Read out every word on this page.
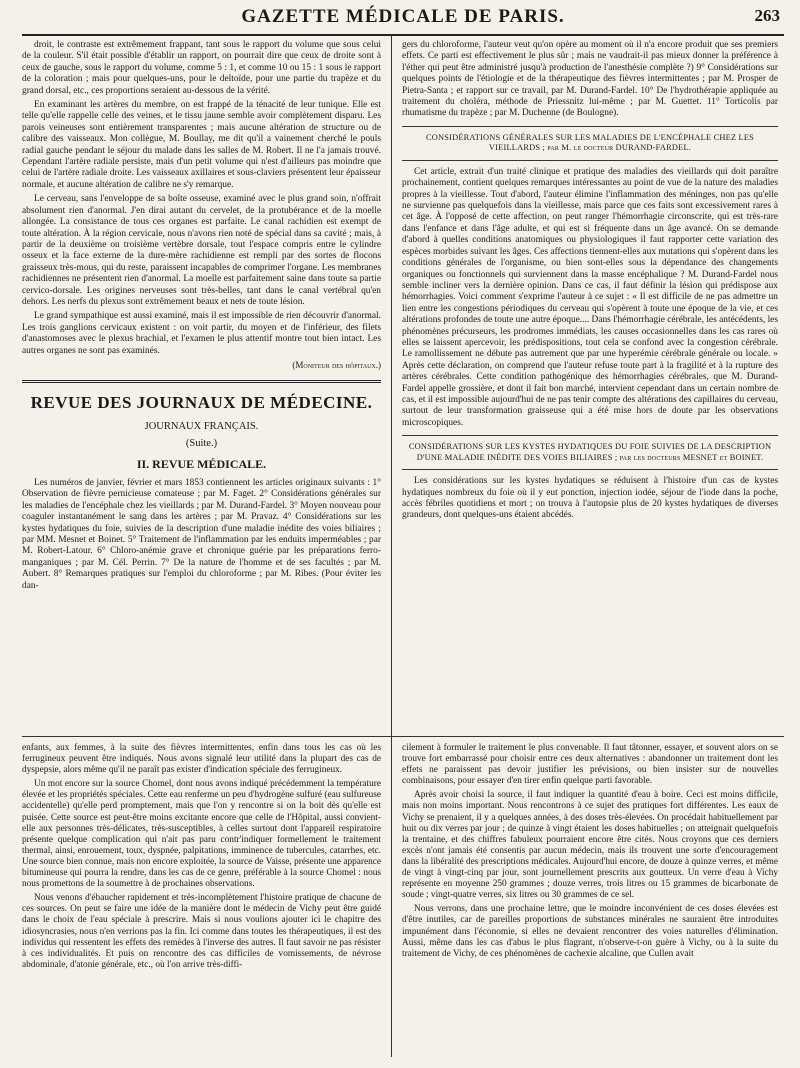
GAZETTE MÉDICALE DE PARIS.	263

droit, le contraste est extrêmement frappant, tant sous le rapport du volume que sous celui de la couleur. S'il était possible d'établir un rapport, on pourrait dire que ceux de droite sont à ceux de gauche, sous le rapport du volume, comme 5 : 1, et comme 10 ou 15 : 1 sous le rapport de la coloration ; mais pour quelques-uns, pour le deltoïde, pour une partie du trapèze et du grand dorsal, etc., ces proportions seraient au-dessous de la vérité.

En examinant les artères du membre, on est frappé de la ténacité de leur tunique. Elle est telle qu'elle rappelle celle des veines, et le tissu jaune semble avoir complètement disparu. Les parois veineuses sont entièrement transparentes ; mais aucune altération de structure ou de calibre des vaisseaux. Mon collègue, M. Boullay, me dit qu'il a vainement cherché le pouls radial gauche pendant le séjour du malade dans les salles de M. Robert. Il ne l'a jamais trouvé. Cependant l'artère radiale persiste, mais d'un petit volume qui n'est d'ailleurs pas moindre que celui de l'artère radiale droite. Les vaisseaux axillaires et sous-claviers présentent leur épaisseur normale, et aucune altération de calibre ne s'y remarque.

Le cerveau, sans l'enveloppe de sa boîte osseuse, examiné avec le plus grand soin, n'offrait absolument rien d'anormal. J'en dirai autant du cervelet, de la protubérance et de la moelle allongée. La consistance de tous ces organes est parfaite. Le canal rachidien est exempt de toute altération. À la région cervicale, nous n'avons rien noté de spécial dans sa cavité ; mais, à partir de la deuxième ou troisième vertèbre dorsale, tout l'espace compris entre le cylindre osseux et la face externe de la dure-mère rachidienne est rempli par des sortes de flocons graisseux très-mous, qui du reste, paraissent incapables de comprimer l'organe. Les membranes rachidiennes ne présentent rien d'anormal. La moelle est parfaitement saine dans toute sa partie cervico-dorsale. Les origines nerveuses sont très-belles, tant dans le canal vertébral qu'en dehors. Les nerfs du plexus sont extrêmement beaux et nets de toute lésion.

Le grand sympathique est aussi examiné, mais il est impossible de rien découvrir d'anormal. Les trois ganglions cervicaux existent : on voit partir, du moyen et de l'inférieur, des filets d'anastomoses avec le plexus brachial, et l'examen le plus attentif montre tout bien intact. Les autres organes ne sont pas examinés.

(Moniteur des hôpitaux.)
REVUE DES JOURNAUX DE MÉDECINE.
JOURNAUX FRANÇAIS.
(Suite.)
II. REVUE MÉDICALE.

Les numéros de janvier, février et mars 1853 contiennent les articles originaux suivants : 1° Observation de fièvre pernicieuse comateuse ; par M. Faget. 2° Considérations générales sur les maladies de l'encéphale chez les vieillards ; par M. Durand-Fardel. 3° Moyen nouveau pour coaguler instantanément le sang dans les artères ; par M. Pravaz. 4° Considérations sur les kystes hydatiques du foie, suivies de la description d'une maladie inédite des voies biliaires ; par MM. Mesnet et Boinet. 5° Traitement de l'inflammation par les enduits imperméables ; par M. Robert-Latour. 6° Chloro-anémie grave et chronique guérie par les préparations ferro-manganiques ; par M. Cél. Perrin. 7° De la nature de l'homme et de ses facultés ; par M. Aubert. 8° Remarques pratiques sur l'emploi du chloroforme ; par M. Ribes. (Pour éviter les dan-

gers du chloroforme, l'auteur veut qu'on opère au moment où il n'a encore produit que ses premiers effets. Ce parti est effectivement le plus sûr ; mais ne vaudrait-il pas mieux donner la préférence à l'éther qui peut être administré jusqu'à production de l'anesthésie complète ?) 9° Considérations sur quelques points de l'étiologie et de la thérapeutique des fièvres intermittentes ; par M. Prosper de Pietra-Santa ; et rapport sur ce travail, par M. Durand-Fardel. 10° De l'hydrothérapie appliquée au traitement du choléra, méthode de Priessnitz lui-même ; par M. Guettet. 11° Torticolis par rhumatisme du trapèze ; par M. Duchenne (de Boulogne).

CONSIDÉRATIONS GÉNÉRALES SUR LES MALADIES DE L'ENCÉPHALE CHEZ LES VIEILLARDS ; par M. le docteur DURAND-FARDEL.

Cet article, extrait d'un traité clinique et pratique des maladies des vieillards qui doit paraître prochainement, contient quelques remarques intéressantes au point de vue de la nature des maladies propres à la vieillesse. Tout d'abord, l'auteur élimine l'inflammation des méninges, non pas qu'elle ne survienne pas quelquefois dans la vieillesse, mais parce que ces faits sont excessivement rares à cet âge. À l'opposé de cette affection, on peut ranger l'hémorrhagie circonscrite, qui est très-rare dans l'enfance et dans l'âge adulte, et qui est si fréquente dans un âge avancé. On se demande d'abord à quelles conditions anatomiques ou physiologiques il faut rapporter cette variation des espèces morbides suivant les âges. Ces affections tiennent-elles aux mutations qui s'opèrent dans les conditions générales de l'organisme, ou bien sont-elles sous la dépendance des changements organiques ou fonctionnels qui surviennent dans la masse encéphalique ? M. Durand-Fardel nous semble incliner vers la dernière opinion. Dans ce cas, il faut définir la lésion qui prédispose aux hémorrhagies. Voici comment s'exprime l'auteur à ce sujet : « Il est difficile de ne pas admettre un lien entre les congestions périodiques du cerveau qui s'opèrent à toute une époque de la vie, et ces altérations profondes de toute une autre époque.... Dans l'hémorrhagie cérébrale, les antécédents, les phénomènes précurseurs, les prodromes immédiats, les causes occasionnelles dans les cas rares où elles se laissent apercevoir, les prédispositions, tout cela se confond avec la congestion cérébrale. Le ramollissement ne débute pas autrement que par une hyperémie cérébrale générale ou locale. » Après cette déclaration, on comprend que l'auteur refuse toute part à la fragilité et à la rupture des artères cérébrales. Cette condition pathogénique des hémorrhagies cérébrales, que M. Durand-Fardel appelle grossière, et dont il fait bon marché, intervient cependant dans un certain nombre de cas, et il est impossible aujourd'hui de ne pas tenir compte des altérations des capillaires du cerveau, surtout de leur transformation graisseuse qui a été mise hors de doute par les observations microscopiques.

CONSIDÉRATIONS SUR LES KYSTES HYDATIQUES DU FOIE SUIVIES DE LA DESCRIPTION D'UNE MALADIE INÉDITE DES VOIES BILIAIRES ; par les docteurs MESNET et BOINET.

Les considérations sur les kystes hydatiques se réduisent à l'histoire d'un cas de kystes hydatiques nombreux du foie où il y eut ponction, injection iodée, séjour de l'iode dans la poche, accès fébriles quotidiens et mort ; on trouva à l'autopsie plus de 20 kystes hydatiques de diverses grandeurs, dont quelques-uns étaient abcédés.

enfants, aux femmes, à la suite des fièvres intermittentes, enfin dans tous les cas où les ferrugineux peuvent être indiqués. Nous avons signalé leur utilité dans la plupart des cas de dyspepsie, alors même qu'il ne paraît pas exister d'indication spéciale des ferrugineux.

Un mot encore sur la source Chomel, dont nous avons indiqué précédemment la température élevée et les propriétés spéciales. Cette eau renferme un peu d'hydrogène sulfuré (eau sulfureuse accidentelle) qu'elle perd promptement, mais que l'on y rencontre si on la boit dès qu'elle est puisée. Cette source est peut-être moins excitante encore que celle de l'Hôpital, aussi convient-elle aux personnes très-délicates, très-susceptibles, à celles surtout dont l'appareil respiratoire présente quelque complication qui n'ait pas paru contr'indiquer formellement le traitement thermal, ainsi, enrouement, toux, dyspnée, palpitations, imminence de tubercules, catarrhes, etc. Une source bien connue, mais non encore exploitée, la source de Vaisse, présente une apparence bitumineuse qui pourra la rendre, dans les cas de ce genre, préférable à la source Chomel : nous nous promettons de la soumettre à de prochaines observations.

Nous venons d'ébaucher rapidement et très-incomplètement l'histoire pratique de chacune de ces sources. On peut se faire une idée de la manière dont le médecin de Vichy peut être guidé dans le choix de l'eau spéciale à prescrire. Mais si nous voulions ajouter ici le chapitre des idiosyncrasies, nous n'en verrions pas la fin. Ici comme dans toutes les thérapeutiques, il est des individus qui ressentent les effets des remèdes à l'inverse des autres. Il faut savoir ne pas résister à ces individualités. Et puis on rencontre des cas difficiles de vomissements, de névrose abdominale, d'atonie générale, etc., où l'on arrive très-diffi-

cilement à formuler le traitement le plus convenable. Il faut tâtonner, essayer, et souvent alors on se trouve fort embarrassé pour choisir entre ces deux alternatives : abandonner un traitement dont les effets ne paraissent pas devoir justifier les prévisions, ou bien insister sur de nouvelles combinaisons, pour essayer d'en tirer enfin quelque parti favorable.

Après avoir choisi la source, il faut indiquer la quantité d'eau à boire. Ceci est moins difficile, mais non moins important. Nous rencontrons à ce sujet des pratiques fort différentes. Les eaux de Vichy se prenaient, il y a quelques années, à des doses très-élevées. On procédait habituellement par huit ou dix verres par jour ; de quinze à vingt étaient les doses habituelles ; on atteignait quelquefois la trentaine, et des chiffres fabuleux pourraient encore être cités. Nous croyons que ces derniers excès n'ont jamais été consentis par aucun médecin, mais ils trouvent une sorte d'encouragement dans la libéralité des prescriptions médicales. Aujourd'hui encore, de douze à quinze verres, et même de vingt à vingt-cinq par jour, sont journellement prescrits aux goutteux. Un verre d'eau à Vichy représente en moyenne 250 grammes ; douze verres, trois litres ou 15 grammes de bicarbonate de soude ; vingt-quatre verres, six litres ou 30 grammes de ce sel.

Nous verrons, dans une prochaine lettre, que le moindre inconvénient de ces doses élevées est d'être inutiles, car de pareilles proportions de substances minérales ne sauraient être introduites impunément dans l'économie, si elles ne devaient rencontrer des voies naturelles d'élimination. Aussi, même dans les cas d'abus le plus flagrant, n'observe-t-on guère à Vichy, ou à la suite du traitement de Vichy, de ces phénomènes de cachexie alcaline, que Cullen avait
